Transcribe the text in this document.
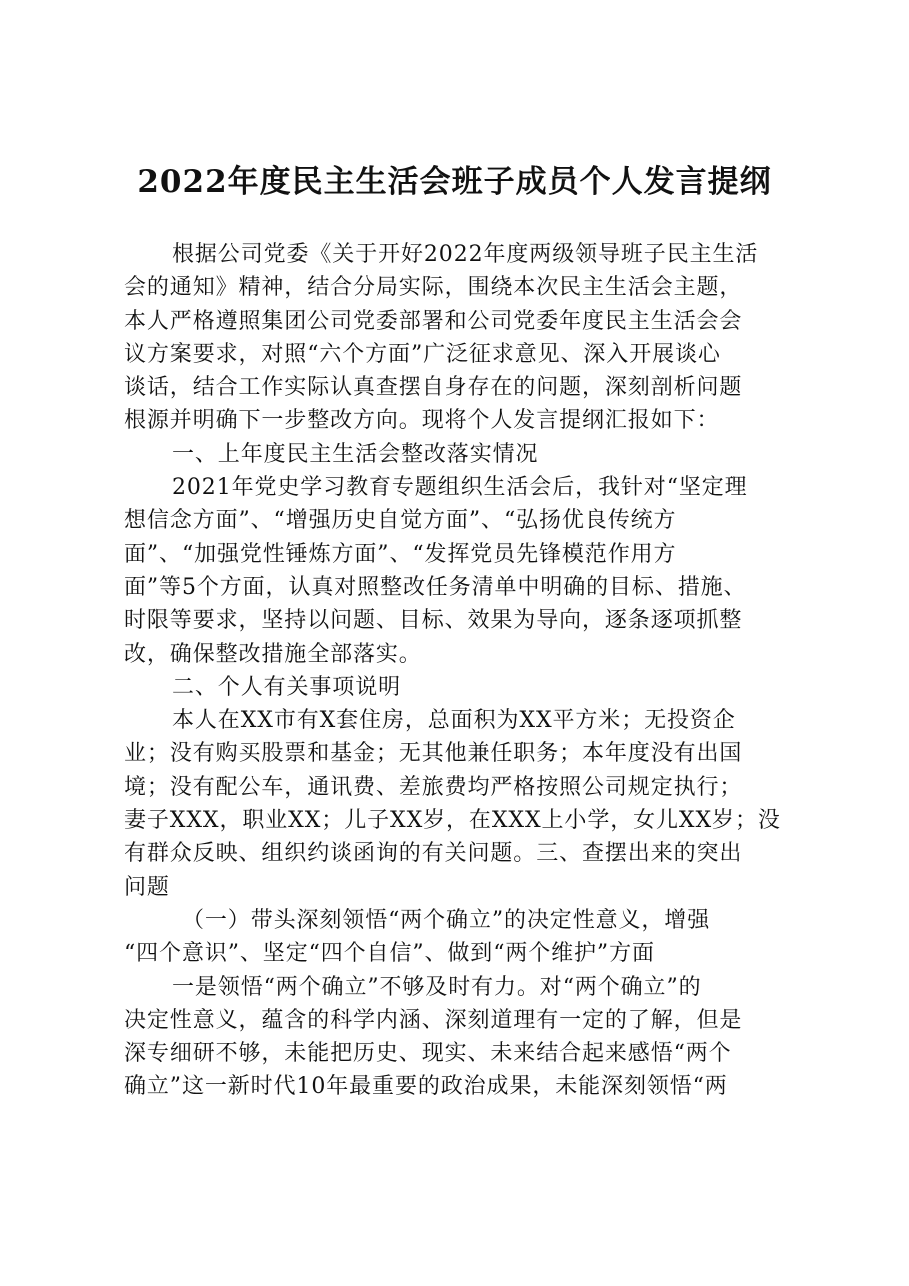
2022年度民主生活会班子成员个人发言提纲
根据公司党委《关于开好2022年度两级领导班子民主生活
会的通知》精神，结合分局实际，围绕本次民主生活会主题，
本人严格遵照集团公司党委部署和公司党委年度民主生活会会
议方案要求，对照“六个方面”广泛征求意见、深入开展谈心
谈话，结合工作实际认真查摆自身存在的问题，深刻剖析问题
根源并明确下一步整改方向。现将个人发言提纲汇报如下：
一、上年度民主生活会整改落实情况
2021年党史学习教育专题组织生活会后，我针对“坚定理
想信念方面”、“增强历史自觉方面”、“弘扬优良传统方
面”、“加强党性锤炼方面”、“发挥党员先锋模范作用方
面”等5个方面，认真对照整改任务清单中明确的目标、措施、
时限等要求，坚持以问题、目标、效果为导向，逐条逐项抓整
改，确保整改措施全部落实。
二、个人有关事项说明
本人在XX市有X套住房，总面积为XX平方米；无投资企
业；没有购买股票和基金；无其他兼任职务；本年度没有出国
境；没有配公车，通讯费、差旅费均严格按照公司规定执行；
妻子XXX，职业XX；儿子XX岁，在XXX上小学，女儿XX岁；没
有群众反映、组织约谈函询的有关问题。三、查摆出来的突出
问题
（一）带头深刻领悟“两个确立”的决定性意义，增强
“四个意识”、坚定“四个自信”、做到“两个维护”方面
一是领悟“两个确立”不够及时有力。对“两个确立”的
决定性意义，蕴含的科学内涵、深刻道理有一定的了解，但是
深专细研不够，未能把历史、现实、未来结合起来感悟“两个
确立”这一新时代10年最重要的政治成果，未能深刻领悟“两
